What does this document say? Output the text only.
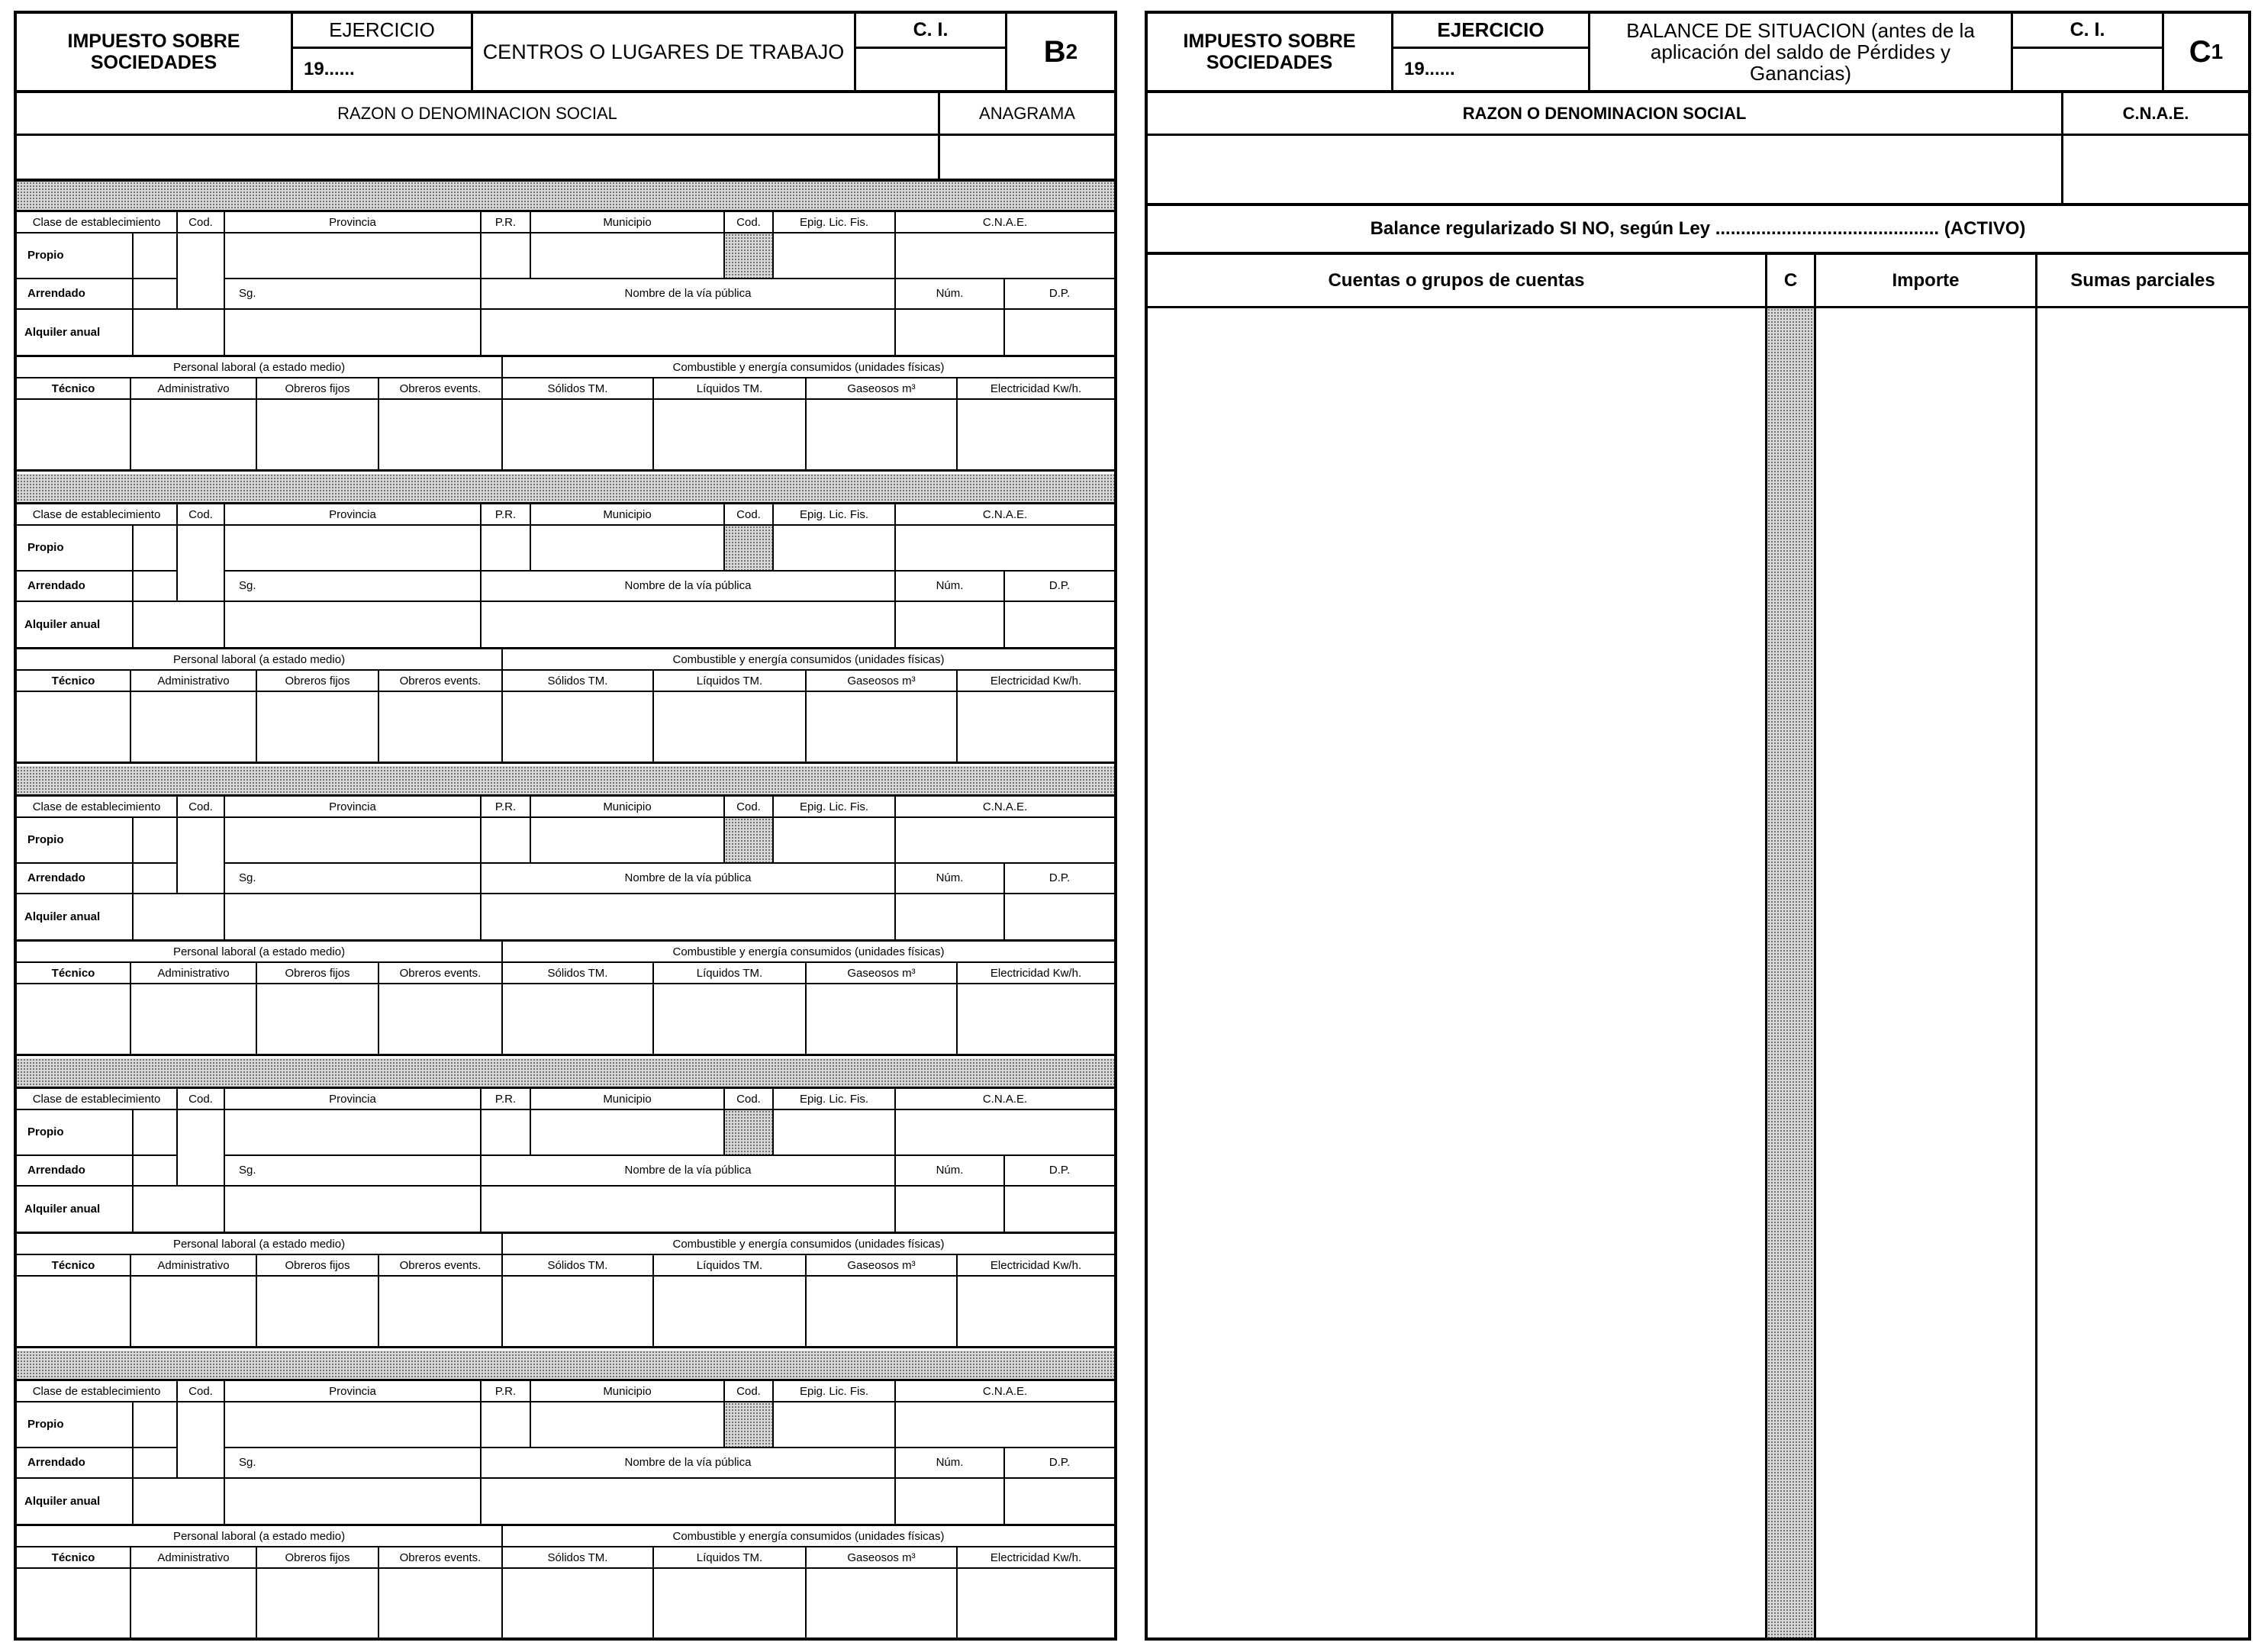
IMPUESTO SOBRE SOCIEDADES
EJERCICIO
19......
CENTROS O LUGARES DE TRABAJO
C. I.
B 2
RAZON O DENOMINACION SOCIAL	ANAGRAMA
Clase de establecimiento	Cod.	Provincia	P.R.	Municipio	Cod.	Epig. Lic. Fis.	C.N.A.E.
Propio
Arrendado	Sg.	Nombre de la vía pública	Núm.	D.P.
Alquiler anual
Personal laboral (a estado medio)	Combustible y energía consumidos (unidades físicas)
Técnico	Administrativo	Obreros fijos	Obreros events.	Sólidos TM.	Líquidos TM.	Gaseosos m³	Electricidad Kw/h.
Clase de establecimiento	Cod.	Provincia	P.R.	Municipio	Cod.	Epig. Lic. Fis.	C.N.A.E.
Propio
Arrendado	Sg.	Nombre de la vía pública	Núm.	D.P.
Alquiler anual
Personal laboral (a estado medio)	Combustible y energía consumidos (unidades físicas)
Técnico	Administrativo	Obreros fijos	Obreros events.	Sólidos TM.	Líquidos TM.	Gaseosos m³	Electricidad Kw/h.
Clase de establecimiento	Cod.	Provincia	P.R.	Municipio	Cod.	Epig. Lic. Fis.	C.N.A.E.
Propio
Arrendado	Sg.	Nombre de la vía pública	Núm.	D.P.
Alquiler anual
Personal laboral (a estado medio)	Combustible y energía consumidos (unidades físicas)
Técnico	Administrativo	Obreros fijos	Obreros events.	Sólidos TM.	Líquidos TM.	Gaseosos m³	Electricidad Kw/h.
Clase de establecimiento	Cod.	Provincia	P.R.	Municipio	Cod.	Epig. Lic. Fis.	C.N.A.E.
Propio
Arrendado	Sg.	Nombre de la vía pública	Núm.	D.P.
Alquiler anual
Personal laboral (a estado medio)	Combustible y energía consumidos (unidades físicas)
Técnico	Administrativo	Obreros fijos	Obreros events.	Sólidos TM.	Líquidos TM.	Gaseosos m³	Electricidad Kw/h.
Clase de establecimiento	Cod.	Provincia	P.R.	Municipio	Cod.	Epig. Lic. Fis.	C.N.A.E.
Propio
Arrendado	Sg.	Nombre de la vía pública	Núm.	D.P.
Alquiler anual
Personal laboral (a estado medio)	Combustible y energía consumidos (unidades físicas)
Técnico	Administrativo	Obreros fijos	Obreros events.	Sólidos TM.	Líquidos TM.	Gaseosos m³	Electricidad Kw/h.
IMPUESTO SOBRE SOCIEDADES
EJERCICIO
19......
BALANCE DE SITUACION (antes de la aplicación del saldo de Pérdides y Ganancias)
C. I.
C 1
RAZON O DENOMINACION SOCIAL	C.N.A.E.
Balance regularizado SI NO, según Ley ............................................ (ACTIVO)
Cuentas o grupos de cuentas	C	Importe	Sumas parciales
